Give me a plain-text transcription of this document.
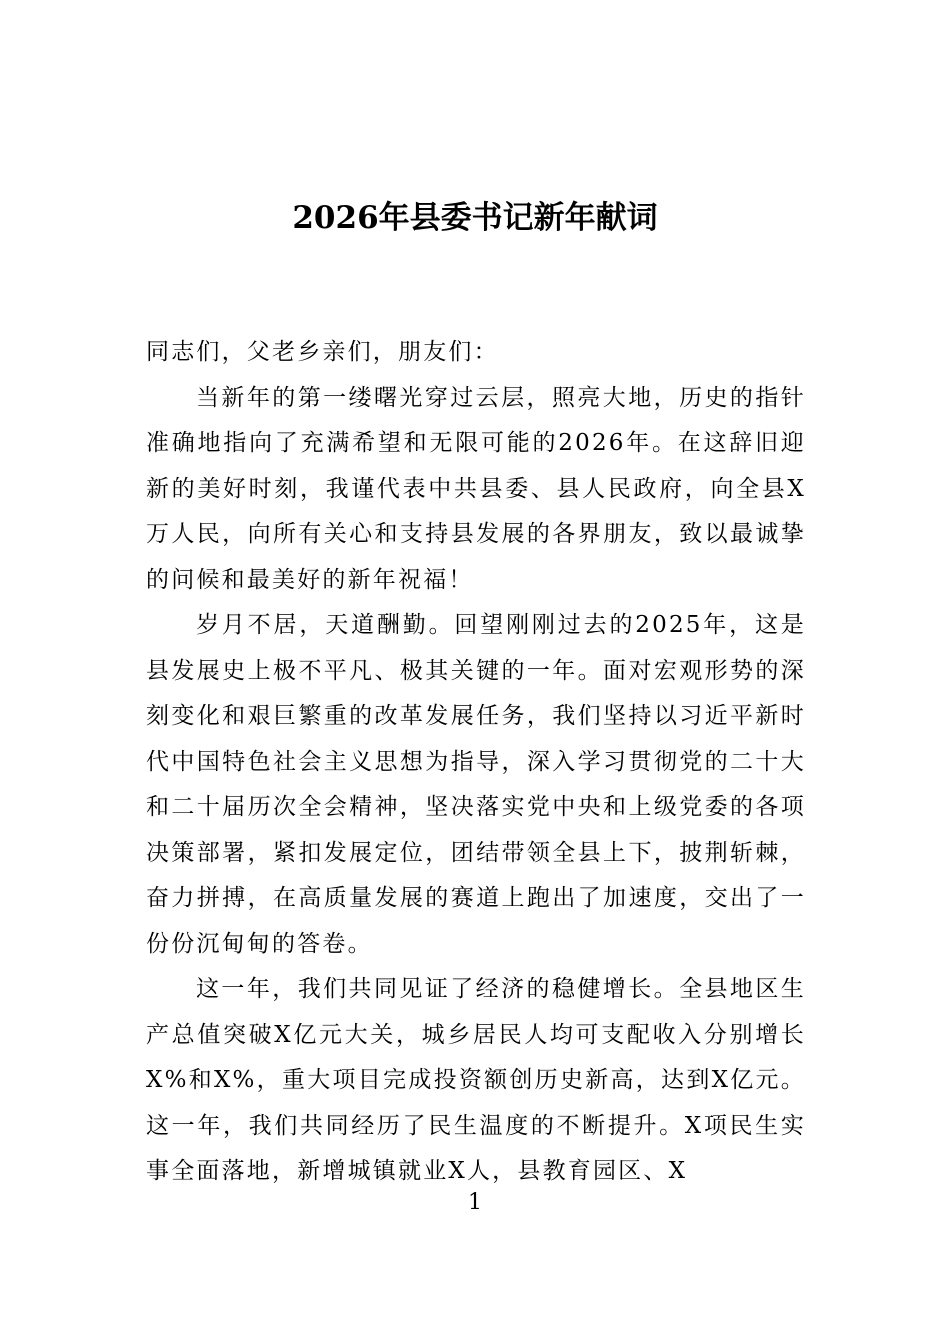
2026年县委书记新年献词

同志们，父老乡亲们，朋友们：

当新年的第一缕曙光穿过云层，照亮大地，历史的指针准确地指向了充满希望和无限可能的2026年。在这辞旧迎新的美好时刻，我谨代表中共县委、县人民政府，向全县X万人民，向所有关心和支持县发展的各界朋友，致以最诚挚的问候和最美好的新年祝福！

岁月不居，天道酬勤。回望刚刚过去的2025年，这是县发展史上极不平凡、极其关键的一年。面对宏观形势的深刻变化和艰巨繁重的改革发展任务，我们坚持以习近平新时代中国特色社会主义思想为指导，深入学习贯彻党的二十大和二十届历次全会精神，坚决落实党中央和上级党委的各项决策部署，紧扣发展定位，团结带领全县上下，披荆斩棘，奋力拼搏，在高质量发展的赛道上跑出了加速度，交出了一份份沉甸甸的答卷。

这一年，我们共同见证了经济的稳健增长。全县地区生产总值突破X亿元大关，城乡居民人均可支配收入分别增长X%和X%，重大项目完成投资额创历史新高，达到X亿元。这一年，我们共同经历了民生温度的不断提升。X项民生实事全面落地，新增城镇就业X人，县教育园区、X

1
